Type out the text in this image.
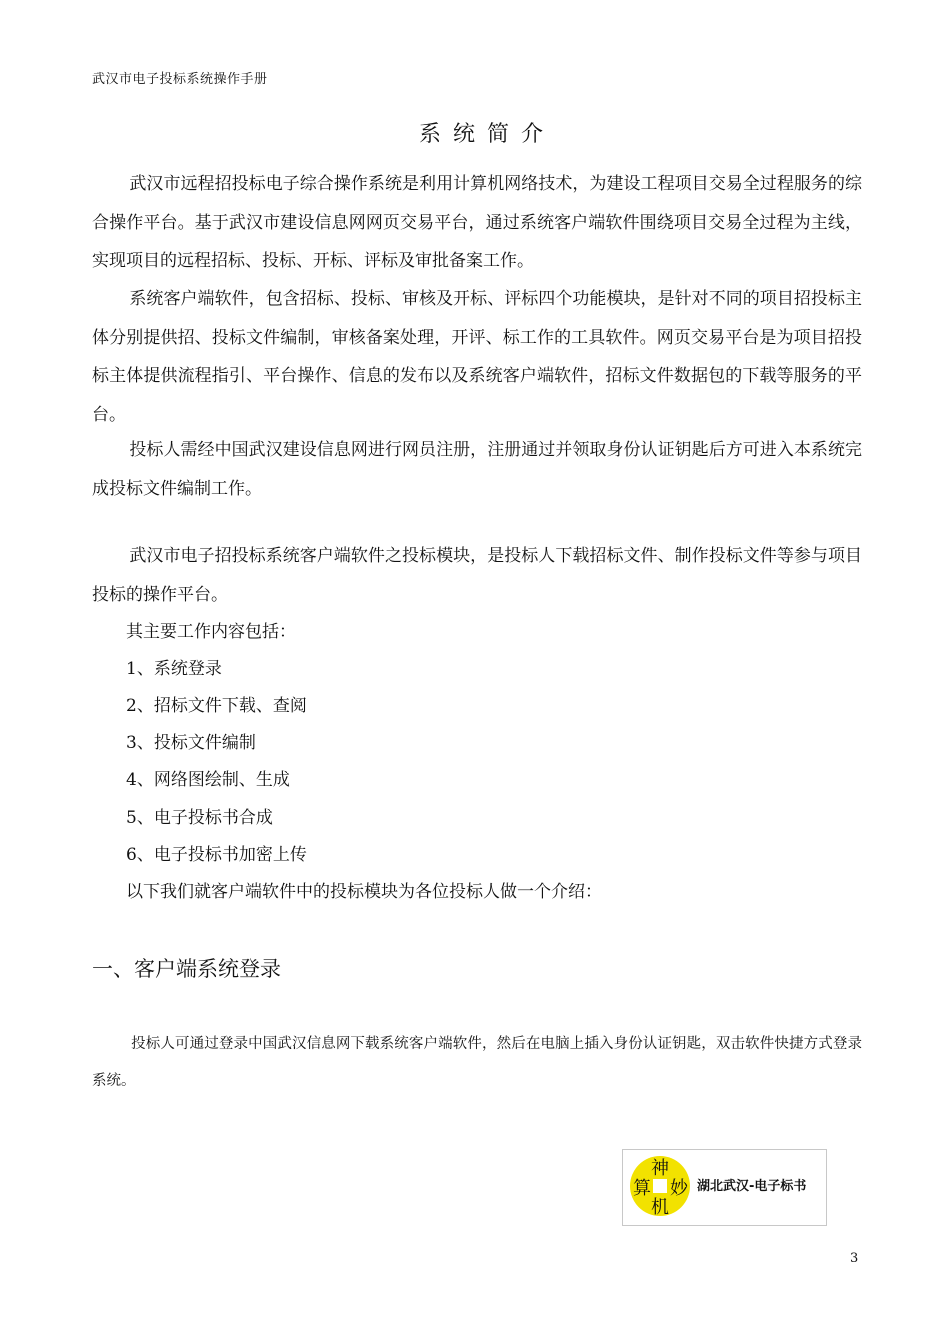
武汉市电子投标系统操作手册
系统简介

武汉市远程招投标电子综合操作系统是利用计算机网络技术，为建设工程项目交易全过程服务的综合操作平台。基于武汉市建设信息网网页交易平台，通过系统客户端软件围绕项目交易全过程为主线，实现项目的远程招标、投标、开标、评标及审批备案工作。

系统客户端软件，包含招标、投标、审核及开标、评标四个功能模块，是针对不同的项目招投标主体分别提供招、投标文件编制，审核备案处理，开评、标工作的工具软件。网页交易平台是为项目招投标主体提供流程指引、平台操作、信息的发布以及系统客户端软件，招标文件数据包的下载等服务的平台。

投标人需经中国武汉建设信息网进行网员注册，注册通过并领取身份认证钥匙后方可进入本系统完成投标文件编制工作。

武汉市电子招投标系统客户端软件之投标模块，是投标人下载招标文件、制作投标文件等参与项目投标的操作平台。

其主要工作内容包括：
1、系统登录
2、招标文件下载、查阅
3、投标文件编制
4、网络图绘制、生成
5、电子投标书合成
6、电子投标书加密上传
以下我们就客户端软件中的投标模块为各位投标人做一个介绍：
一、客户端系统登录

投标人可通过登录中国武汉信息网下载系统客户端软件，然后在电脑上插入身份认证钥匙，双击软件快捷方式登录系统。

神
算 妙
机
湖北武汉-电子标书
3
